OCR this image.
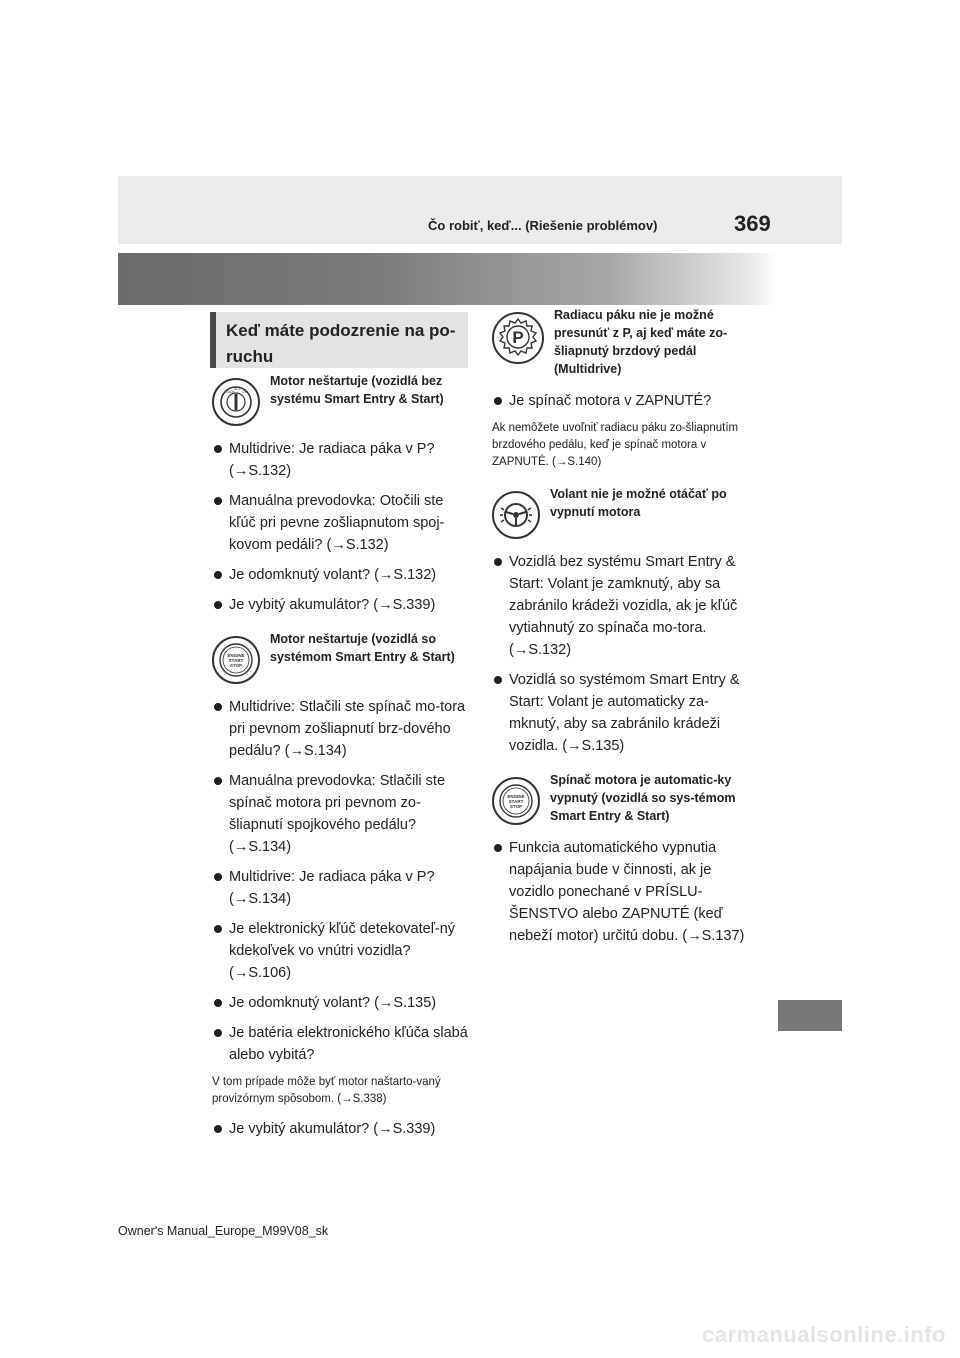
Čo robiť, keď... (Riešenie problémov)	369
Keď máte podozrenie na po-ruchu
LOCK
ACC
ON
Motor neštartuje (vozidlá bez systému Smart Entry & Start)
Multidrive: Je radiaca páka v P? (→S.132)
Manuálna prevodovka: Otočili ste kľúč pri pevne zošliapnutom spoj-kovom pedáli? (→S.132)
Je odomknutý volant? (→S.132)
Je vybitý akumulátor? (→S.339)
ENGINE
START
STOP
Motor neštartuje (vozidlá so systémom Smart Entry & Start)
Multidrive: Stlačili ste spínač mo-tora pri pevnom zošliapnutí brz-dového pedálu? (→S.134)
Manuálna prevodovka: Stlačili ste spínač motora pri pevnom zo-šliapnutí spojkového pedálu? (→S.134)
Multidrive: Je radiaca páka v P? (→S.134)
Je elektronický kľúč detekovateľ-ný kdekoľvek vo vnútri vozidla? (→S.106)
Je odomknutý volant? (→S.135)
Je batéria elektronického kľúča slabá alebo vybitá?
V tom prípade môže byť motor naštarto-vaný provizórnym spôsobom. (→S.338)
Je vybitý akumulátor? (→S.339)
P
Radiacu páku nie je možné presunúť z P, aj keď máte zo-šliapnutý brzdový pedál (Multidrive)
Je spínač motora v ZAPNUTÉ?
Ak nemôžete uvoľniť radiacu páku zo-šliapnutím brzdového pedálu, keď je spínač motora v ZAPNUTÉ. (→S.140)
Volant nie je možné otáčať po vypnutí motora
Vozidlá bez systému Smart Entry & Start: Volant je zamknutý, aby sa zabránilo krádeži vozidla, ak je kľúč vytiahnutý zo spínača mo-tora. (→S.132)
Vozidlá so systémom Smart Entry & Start: Volant je automaticky za-mknutý, aby sa zabránilo krádeži vozidla. (→S.135)
ENGINE
START
STOP
Spínač motora je automatic-ky vypnutý (vozidlá so sys-témom Smart Entry & Start)
Funkcia automatického vypnutia napájania bude v činnosti, ak je vozidlo ponechané v PRÍSLU-ŠENSTVO alebo ZAPNUTÉ (keď nebeží motor) určitú dobu. (→S.137)
Owner's Manual_Europe_M99V08_sk
carmanualsonline.info
